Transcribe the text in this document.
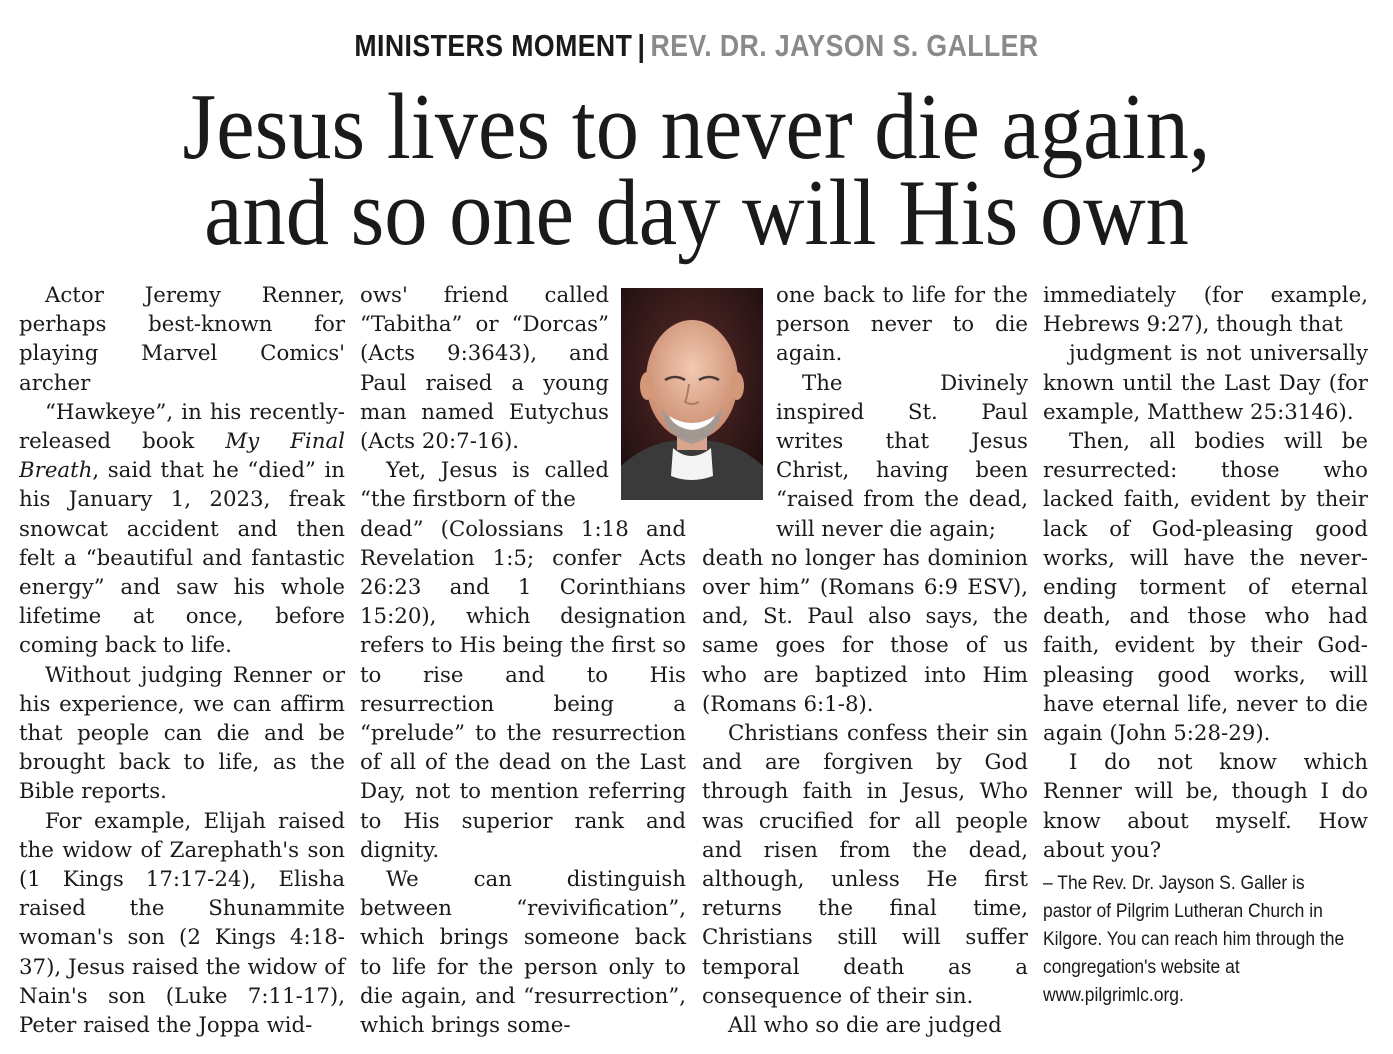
MINISTERS MOMENT | REV. DR. JAYSON S. GALLER
Jesus lives to never die again,
and so one day will His own

Actor Jeremy Renner, perhaps best-known for playing Marvel Comics' archer

“Hawkeye”, in his recently-released book My Final Breath, said that he “died” in his January 1, 2023, freak snowcat accident and then felt a “beautiful and fantastic energy” and saw his whole lifetime at once, before coming back to life.

Without judging Renner or his experience, we can affirm that people can die and be brought back to life, as the Bible reports.

For example, Elijah raised the widow of Zarephath's son (1 Kings 17:17-24), Elisha raised the Shunammite woman's son (2 Kings 4:18-37), Jesus raised the widow of Nain's son (Luke 7:11-17), Peter raised the Joppa wid-

ows' friend called “Tabitha” or “Dorcas” (Acts 9:3643), and Paul raised a young man named Eutychus (Acts 20:7-16).

Yet, Jesus is called “the firstborn of the

dead” (Colossians 1:18 and Revelation 1:5; confer Acts 26:23 and 1 Corinthians 15:20), which designation refers to His being the first so to rise and to His resurrection being a “prelude” to the resurrection of all of the dead on the Last Day, not to mention referring to His superior rank and dignity.

We can distinguish between “revivification”, which brings someone back to life for the person only to die again, and “resurrection”, which brings some-

one back to life for the person never to die again.

The Divinely inspired St. Paul writes that Jesus Christ, having been “raised from the dead, will never die again;

death no longer has dominion over him” (Romans 6:9 ESV), and, St. Paul also says, the same goes for those of us who are baptized into Him (Romans 6:1-8).

Christians confess their sin and are forgiven by God through faith in Jesus, Who was crucified for all people and risen from the dead, although, unless He first returns the final time, Christians still will suffer temporal death as a consequence of their sin.

All who so die are judged

immediately (for example, Hebrews 9:27), though that

judgment is not universally known until the Last Day (for example, Matthew 25:3146).

Then, all bodies will be resurrected: those who lacked faith, evident by their lack of God-pleasing good works, will have the never-ending torment of eternal death, and those who had faith, evident by their God-pleasing good works, will have eternal life, never to die again (John 5:28-29).

I do not know which Renner will be, though I do know about myself. How about you?

– The Rev. Dr. Jayson S. Galler is pastor of Pilgrim Lutheran Church in Kilgore. You can reach him through the congregation's website at www.pilgrimlc.org.
